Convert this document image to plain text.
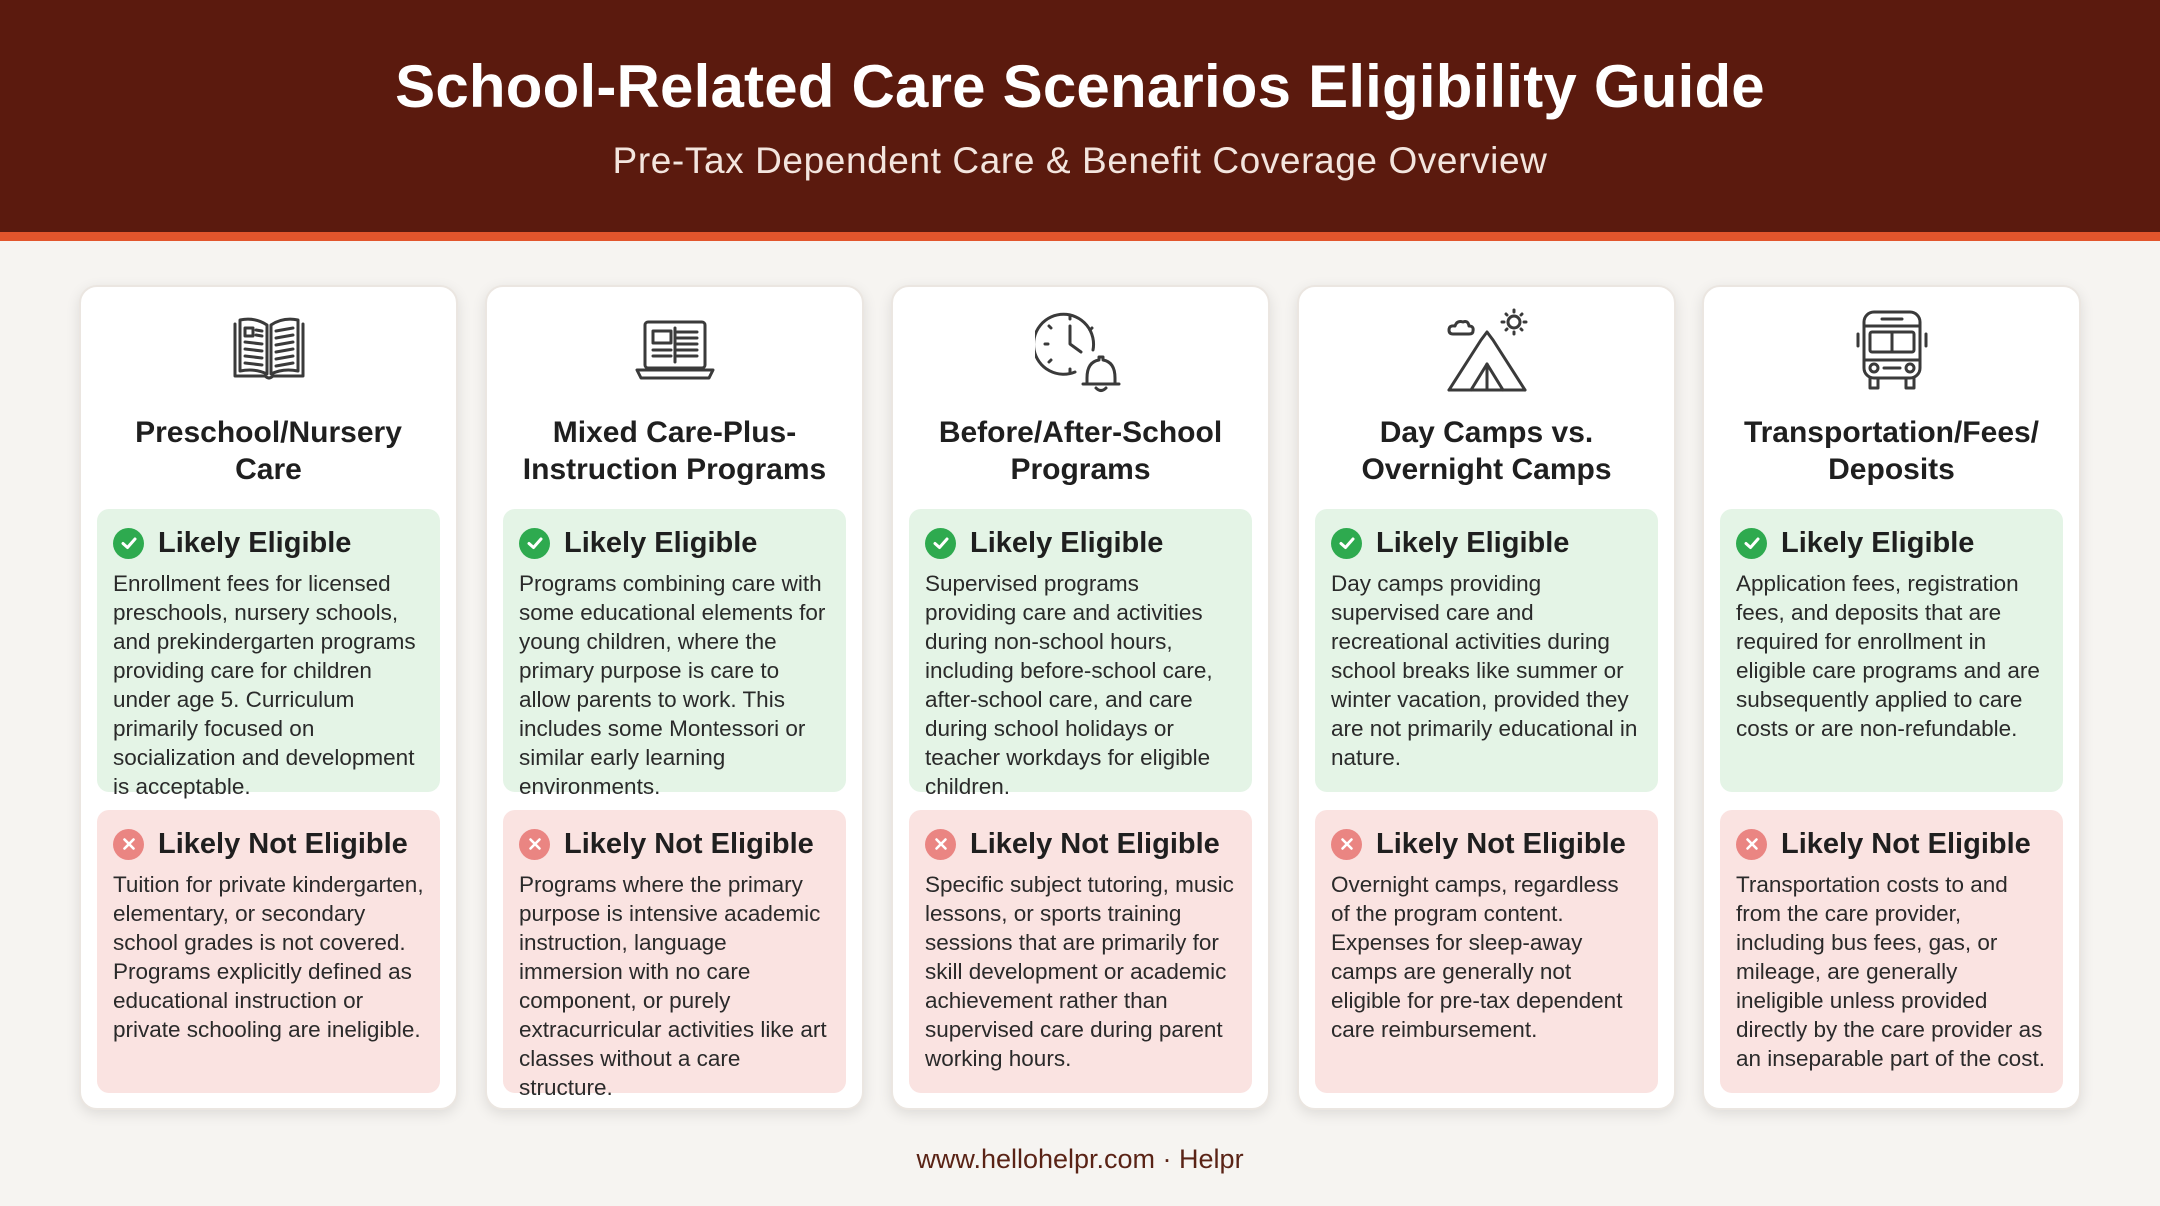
School-Related Care Scenarios Eligibility Guide
Pre-Tax Dependent Care & Benefit Coverage Overview
Preschool/Nursery
Care
Likely Eligible
Enrollment fees for licensed preschools, nursery schools, and prekindergarten programs providing care for children under age 5. Curriculum primarily focused on socialization and development is acceptable.
Likely Not Eligible
Tuition for private kindergarten, elementary, or secondary school grades is not covered. Programs explicitly defined as educational instruction or private schooling are ineligible.
Mixed Care-Plus-
Instruction Programs
Likely Eligible
Programs combining care with some educational elements for young children, where the primary purpose is care to allow parents to work. This includes some Montessori or similar early learning environments.
Likely Not Eligible
Programs where the primary purpose is intensive academic instruction, language immersion with no care component, or purely extracurricular activities like art classes without a care structure.
Before/After-School
Programs
Likely Eligible
Supervised programs providing care and activities during non-school hours, including before-school care, after-school care, and care during school holidays or teacher workdays for eligible children.
Likely Not Eligible
Specific subject tutoring, music lessons, or sports training sessions that are primarily for skill development or academic achievement rather than supervised care during parent working hours.
Day Camps vs.
Overnight Camps
Likely Eligible
Day camps providing supervised care and recreational activities during school breaks like summer or winter vacation, provided they are not primarily educational in nature.
Likely Not Eligible
Overnight camps, regardless of the program content. Expenses for sleep-away camps are generally not eligible for pre-tax dependent care reimbursement.
Transportation/Fees/
Deposits
Likely Eligible
Application fees, registration fees, and deposits that are required for enrollment in eligible care programs and are subsequently applied to care costs or are non-refundable.
Likely Not Eligible
Transportation costs to and from the care provider, including bus fees, gas, or mileage, are generally ineligible unless provided directly by the care provider as an inseparable part of the cost.
www.hellohelpr.com · Helpr
